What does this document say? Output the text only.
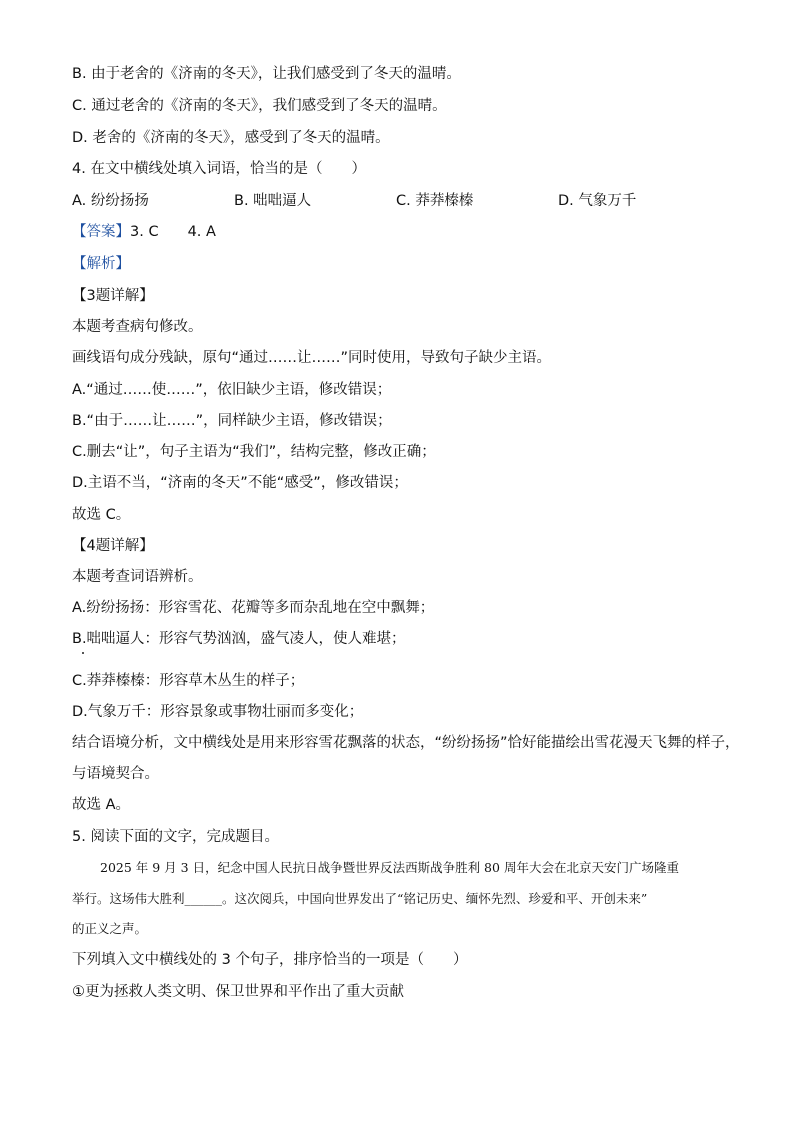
B. 由于老舍的《济南的冬天》，让我们感受到了冬天的温晴。
C. 通过老舍的《济南的冬天》，我们感受到了冬天的温晴。
D. 老舍的《济南的冬天》，感受到了冬天的温晴。
4. 在文中横线处填入词语，恰当的是（　　）
A. 纷纷扬扬	B. 咄咄逼人	C. 莽莽榛榛	D. 气象万千
【答案】3. C　　4. A
【解析】
【3题详解】
本题考查病句修改。
画线语句成分残缺，原句“通过……让……”同时使用，导致句子缺少主语。
A.“通过……使……”，依旧缺少主语，修改错误；
B.“由于……让……”，同样缺少主语，修改错误；
C.删去“让”，句子主语为“我们”，结构完整，修改正确；
D.主语不当，“济南的冬天”不能“感受”，修改错误；
故选 C。
【4题详解】
本题考查词语辨析。
A.纷纷扬扬：形容雪花、花瓣等多而杂乱地在空中飘舞；
B.咄咄逼人：形容气势汹汹，盛气凌人，使人难堪；
C.莽莽榛榛：形容草木丛生的样子；
D.气象万千：形容景象或事物壮丽而多变化；
结合语境分析，文中横线处是用来形容雪花飘落的状态，“纷纷扬扬”恰好能描绘出雪花漫天飞舞的样子，
与语境契合。
故选 A。
5. 阅读下面的文字，完成题目。
2025 年 9 月 3 日，纪念中国人民抗日战争暨世界反法西斯战争胜利 80 周年大会在北京天安门广场隆重
举行。这场伟大胜利______。这次阅兵，中国向世界发出了“铭记历史、缅怀先烈、珍爱和平、开创未来”
的正义之声。
下列填入文中横线处的 3 个句子，排序恰当的一项是（　　）
①更为拯救人类文明、保卫世界和平作出了重大贡献
